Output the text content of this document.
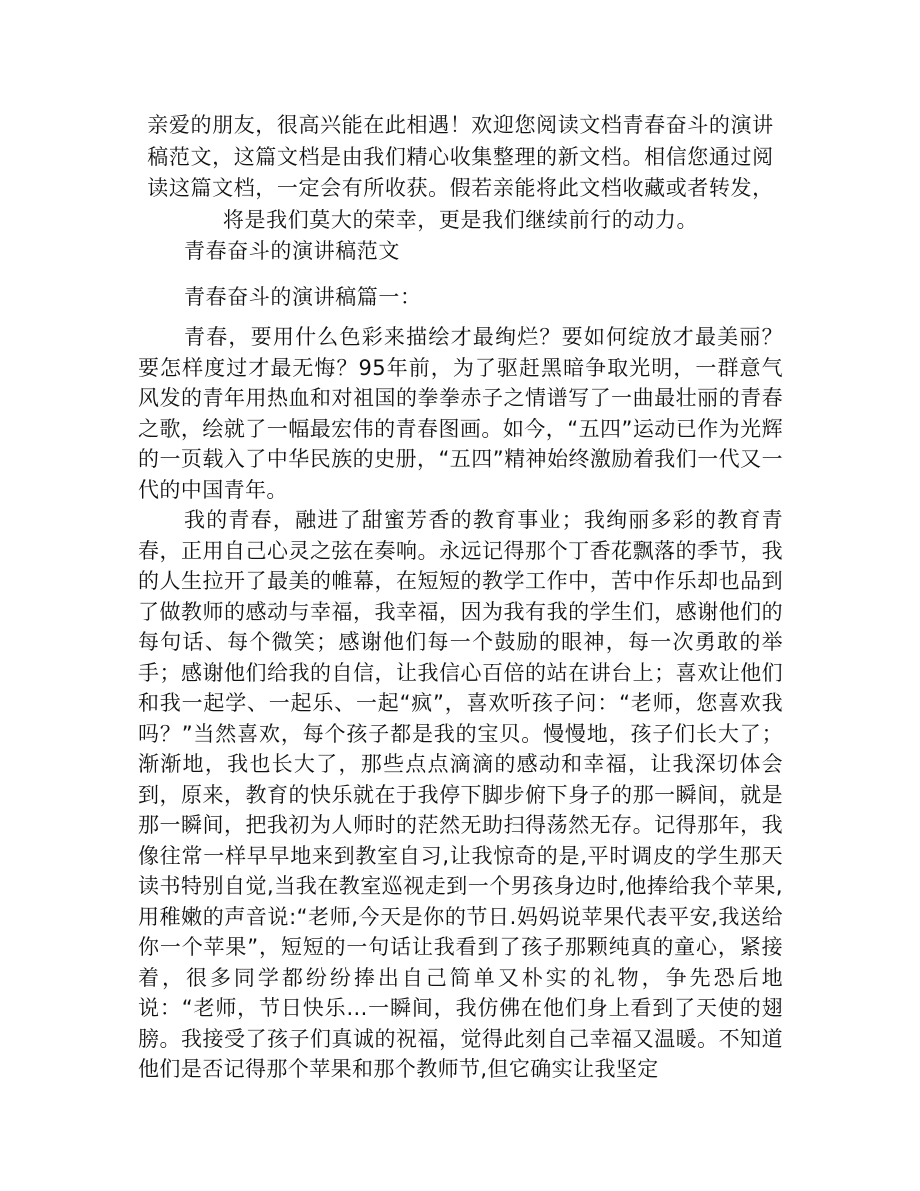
亲爱的朋友，很高兴能在此相遇！欢迎您阅读文档青春奋斗的演讲稿范文，这篇文档是由我们精心收集整理的新文档。相信您通过阅读这篇文档，一定会有所收获。假若亲能将此文档收藏或者转发，将是我们莫大的荣幸，更是我们继续前行的动力。
青春奋斗的演讲稿范文
青春奋斗的演讲稿篇一：

青春，要用什么色彩来描绘才最绚烂？要如何绽放才最美丽？要怎样度过才最无悔？95年前，为了驱赶黑暗争取光明，一群意气风发的青年用热血和对祖国的拳拳赤子之情谱写了一曲最壮丽的青春之歌，绘就了一幅最宏伟的青春图画。如今，“五四”运动已作为光辉的一页载入了中华民族的史册，“五四”精神始终激励着我们一代又一代的中国青年。

我的青春，融进了甜蜜芳香的教育事业；我绚丽多彩的教育青春，正用自己心灵之弦在奏响。永远记得那个丁香花飘落的季节，我的人生拉开了最美的帷幕，在短短的教学工作中，苦中作乐却也品到了做教师的感动与幸福，我幸福，因为我有我的学生们，感谢他们的每句话、每个微笑；感谢他们每一个鼓励的眼神，每一次勇敢的举手；感谢他们给我的自信，让我信心百倍的站在讲台上；喜欢让他们和我一起学、一起乐、一起“疯”，喜欢听孩子问：“老师，您喜欢我吗？”当然喜欢，每个孩子都是我的宝贝。慢慢地，孩子们长大了；渐渐地，我也长大了，那些点点滴滴的感动和幸福，让我深切体会到，原来，教育的快乐就在于我停下脚步俯下身子的那一瞬间，就是那一瞬间，把我初为人师时的茫然无助扫得荡然无存。记得那年，我像往常一样早早地来到教室自习,让我惊奇的是,平时调皮的学生那天读书特别自觉,当我在教室巡视走到一个男孩身边时,他捧给我个苹果,用稚嫩的声音说:“老师,今天是你的节日.妈妈说苹果代表平安,我送给你一个苹果”，短短的一句话让我看到了孩子那颗纯真的童心，紧接着，很多同学都纷纷捧出自己简单又朴实的礼物，争先恐后地说：“老师，节日快乐...一瞬间，我仿佛在他们身上看到了天使的翅膀。我接受了孩子们真诚的祝福，觉得此刻自己幸福又温暖。不知道他们是否记得那个苹果和那个教师节,但它确实让我坚定
